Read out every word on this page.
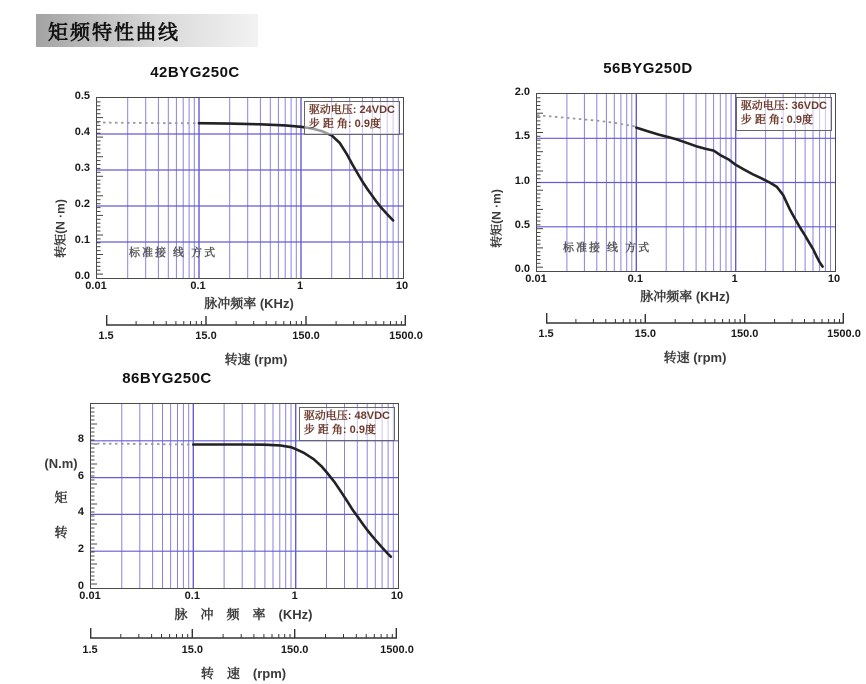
矩频特性曲线
42BYG250C
驱动电压: 24VDC
步 距 角: 0.9度
标准接 线 方式
0.0
0.1
0.2
0.3
0.4
0.5
0.01	0.1	1	10
脉冲频率 (KHz)
转矩(N ·m)
1.5	15.0	150.0	1500.0
转速 (rpm)
56BYG250D
驱动电压: 36VDC
步 距 角: 0.9度
标准接 线 方式
0.0
0.5
1.0
1.5
2.0
0.01	0.1	1	10
脉冲频率 (KHz)
转矩(N ·m)
1.5	15.0	150.0	1500.0
转速 (rpm)
86BYG250C
驱动电压: 48VDC
步 距 角: 0.9度
0
2
4
6
8
0.01	0.1	1	10
脉　冲　频　率　(KHz)
(N.m)
矩
转
1.5	15.0	150.0	1500.0
转　速　(rpm)
